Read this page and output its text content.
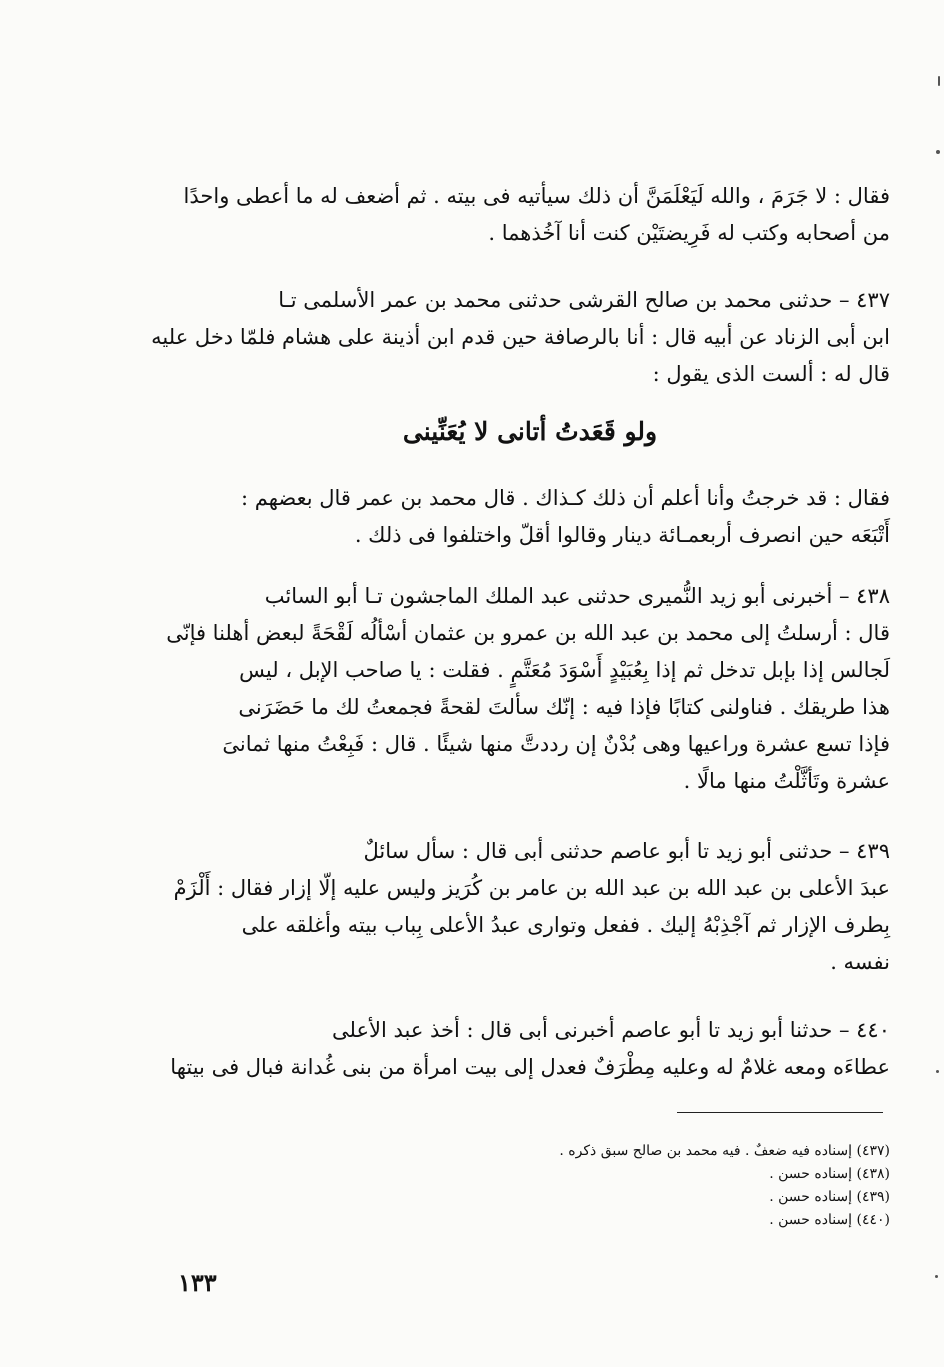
فقال : لا جَرَمَ ، والله لَيَعْلَمَنَّ أن ذلك سيأتيه فى بيته . ثم أضعف له ما أعطى واحدًا
من أصحابه وكتب له فَرِيضتَيْن كنت أنا آخُذهما .
٤٣٧ – حدثنى محمد بن صالح القرشى حدثنى محمد بن عمر الأسلمى تـا
ابن أبى الزناد عن أبيه قال : أنا بالرصافة حين قدم ابن أذينة على هشام فلمّا دخل عليه
قال له : ألست الذى يقول :
ولو قَعَدتُ أتانى لا يُعَنِّينى
فقال : قد خرجتُ وأنا أعلم أن ذلك كـذاك . قال محمد بن عمر قال بعضهم :
أَتْبَعَه حين انصرف أربعمـائة دينار وقالوا أقلّ واختلفوا فى ذلك .
٤٣٨ – أخبرنى أبو زيد النُّميرى حدثنى عبد الملك الماجشون تـا أبو السائب
قال : أرسلتُ إلى محمد بن عبد الله بن عمرو بن عثمان أسْألُه لَقْحَةً لبعض أهلنا فإنّى
لَجالس إذا بإبل تدخل ثم إذا بِعُبَيْدٍ أَسْوَدَ مُعَتَّمٍ . فقلت : يا صاحب الإبل ، ليس
هذا طريقك . فناولنى كتابًا فإذا فيه : إنّك سألتَ لقحةً فجمعتُ لك ما حَضَرَنى
فإذا تسع عشرة وراعيها وهى بُدْنٌ إن رددتَّ منها شيئًا . قال : فَبِعْتُ منها ثمانىَ
عشرة وتَأثَّلْتُ منها مالًا .
٤٣٩ – حدثنى أبو زيد تا أبو عاصم حدثنى أبى قال : سأل سائلٌ
عبدَ الأعلى بن عبد الله بن عبد الله بن عامر بن كُرَيز وليس عليه إلّا إزار فقال : أَلْزَمْ
بِطرف الإزار ثم آجْذِبْهُ إليك . ففعل وتوارى عبدُ الأعلى بِباب بيته وأغلقه على
نفسه .
٤٤٠ – حدثنا أبو زيد تا أبو عاصم أخبرنى أبى قال : أخذ عبد الأعلى
عطاءَه ومعه غلامٌ له وعليه مِطْرَفٌ فعدل إلى بيت امرأة من بنى غُدانة فبال فى بيتها
(٤٣٧) إسناده فيه ضعفٌ . فيه محمد بن صالح سبق ذكره .
(٤٣٨) إسناده حسن .
(٤٣٩) إسناده حسن .
(٤٤٠) إسناده حسن .
١٣٣
